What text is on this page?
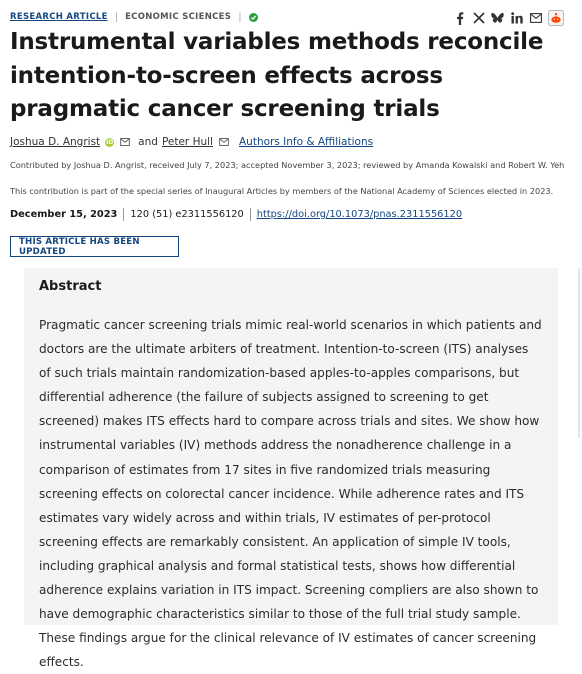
RESEARCH ARTICLE | ECONOMIC SCIENCES |
Instrumental variables methods reconcile intention-to-screen effects across pragmatic cancer screening trials
Joshua D. Angrist iD and Peter Hull Authors Info & Affiliations
Contributed by Joshua D. Angrist, received July 7, 2023; accepted November 3, 2023; reviewed by Amanda Kowalski and Robert W. Yeh
This contribution is part of the special series of Inaugural Articles by members of the National Academy of Sciences elected in 2023.
December 15, 2023 120 (51) e2311556120 https://doi.org/10.1073/pnas.2311556120
THIS ARTICLE HAS BEEN UPDATED
Abstract

Pragmatic cancer screening trials mimic real-world scenarios in which patients and doctors are the ultimate arbiters of treatment. Intention-to-screen (ITS) analyses of such trials maintain randomization-based apples-to-apples comparisons, but differential adherence (the failure of subjects assigned to screening to get screened) makes ITS effects hard to compare across trials and sites. We show how instrumental variables (IV) methods address the nonadherence challenge in a comparison of estimates from 17 sites in five randomized trials measuring screening effects on colorectal cancer incidence. While adherence rates and ITS estimates vary widely across and within trials, IV estimates of per-protocol screening effects are remarkably consistent. An application of simple IV tools, including graphical analysis and formal statistical tests, shows how differential adherence explains variation in ITS impact. Screening compliers are also shown to have demographic characteristics similar to those of the full trial study sample. These findings argue for the clinical relevance of IV estimates of cancer screening effects.
